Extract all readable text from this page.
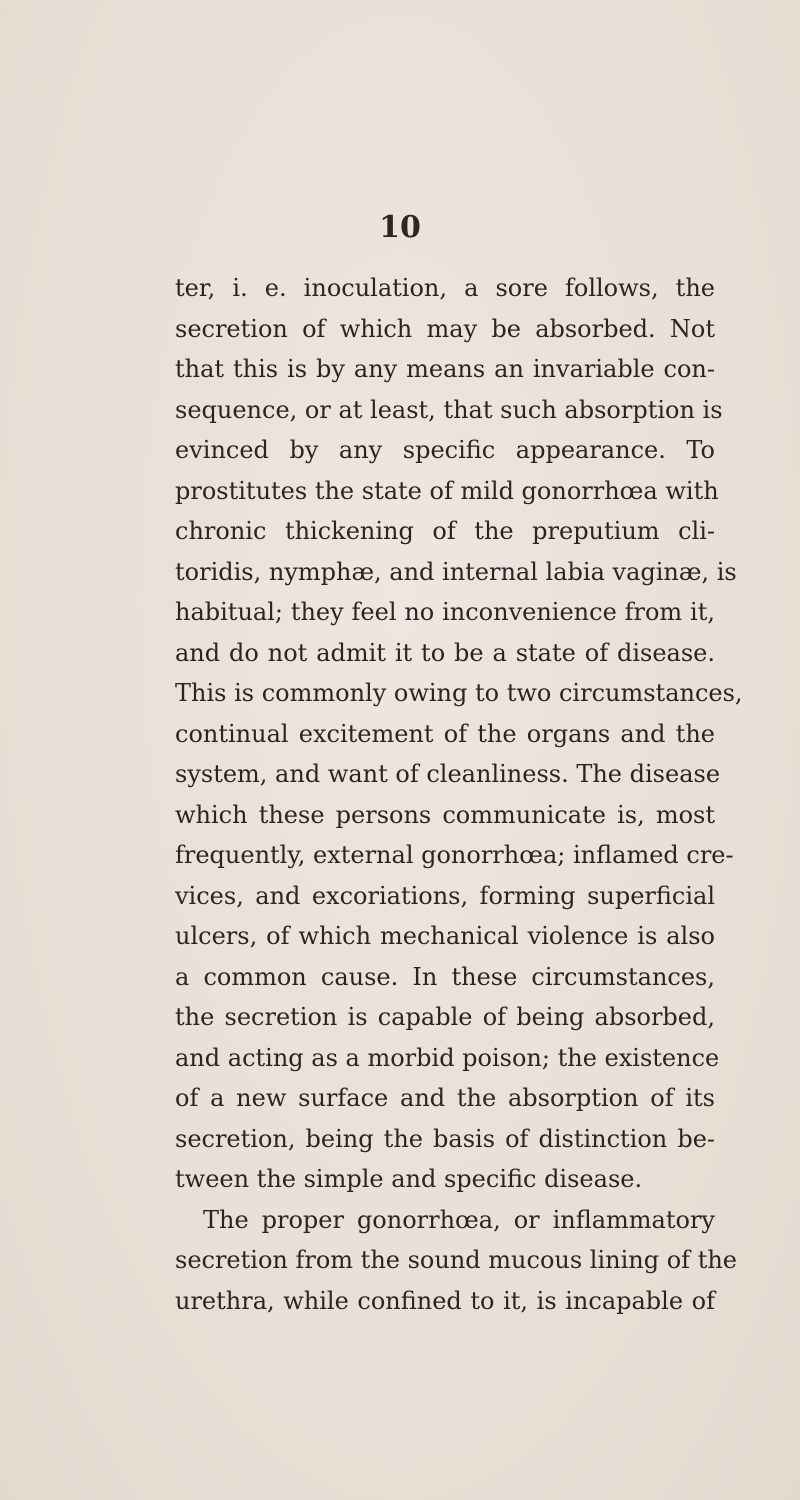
10
ter, i. e. inoculation, a sore follows, the
secretion of which may be absorbed. Not
that this is by any means an invariable con-
sequence, or at least, that such absorption is
evinced by any specific appearance. To
prostitutes the state of mild gonorrhœa with
chronic thickening of the preputium cli-
toridis, nymphæ, and internal labia vaginæ, is
habitual; they feel no inconvenience from it,
and do not admit it to be a state of disease.
This is commonly owing to two circumstances,
continual excitement of the organs and the
system, and want of cleanliness. The disease
which these persons communicate is, most
frequently, external gonorrhœa; inflamed cre-
vices, and excoriations, forming superficial
ulcers, of which mechanical violence is also
a common cause. In these circumstances,
the secretion is capable of being absorbed,
and acting as a morbid poison; the existence
of a new surface and the absorption of its
secretion, being the basis of distinction be-
tween the simple and specific disease.
The proper gonorrhœa, or inflammatory
secretion from the sound mucous lining of the
urethra, while confined to it, is incapable of
